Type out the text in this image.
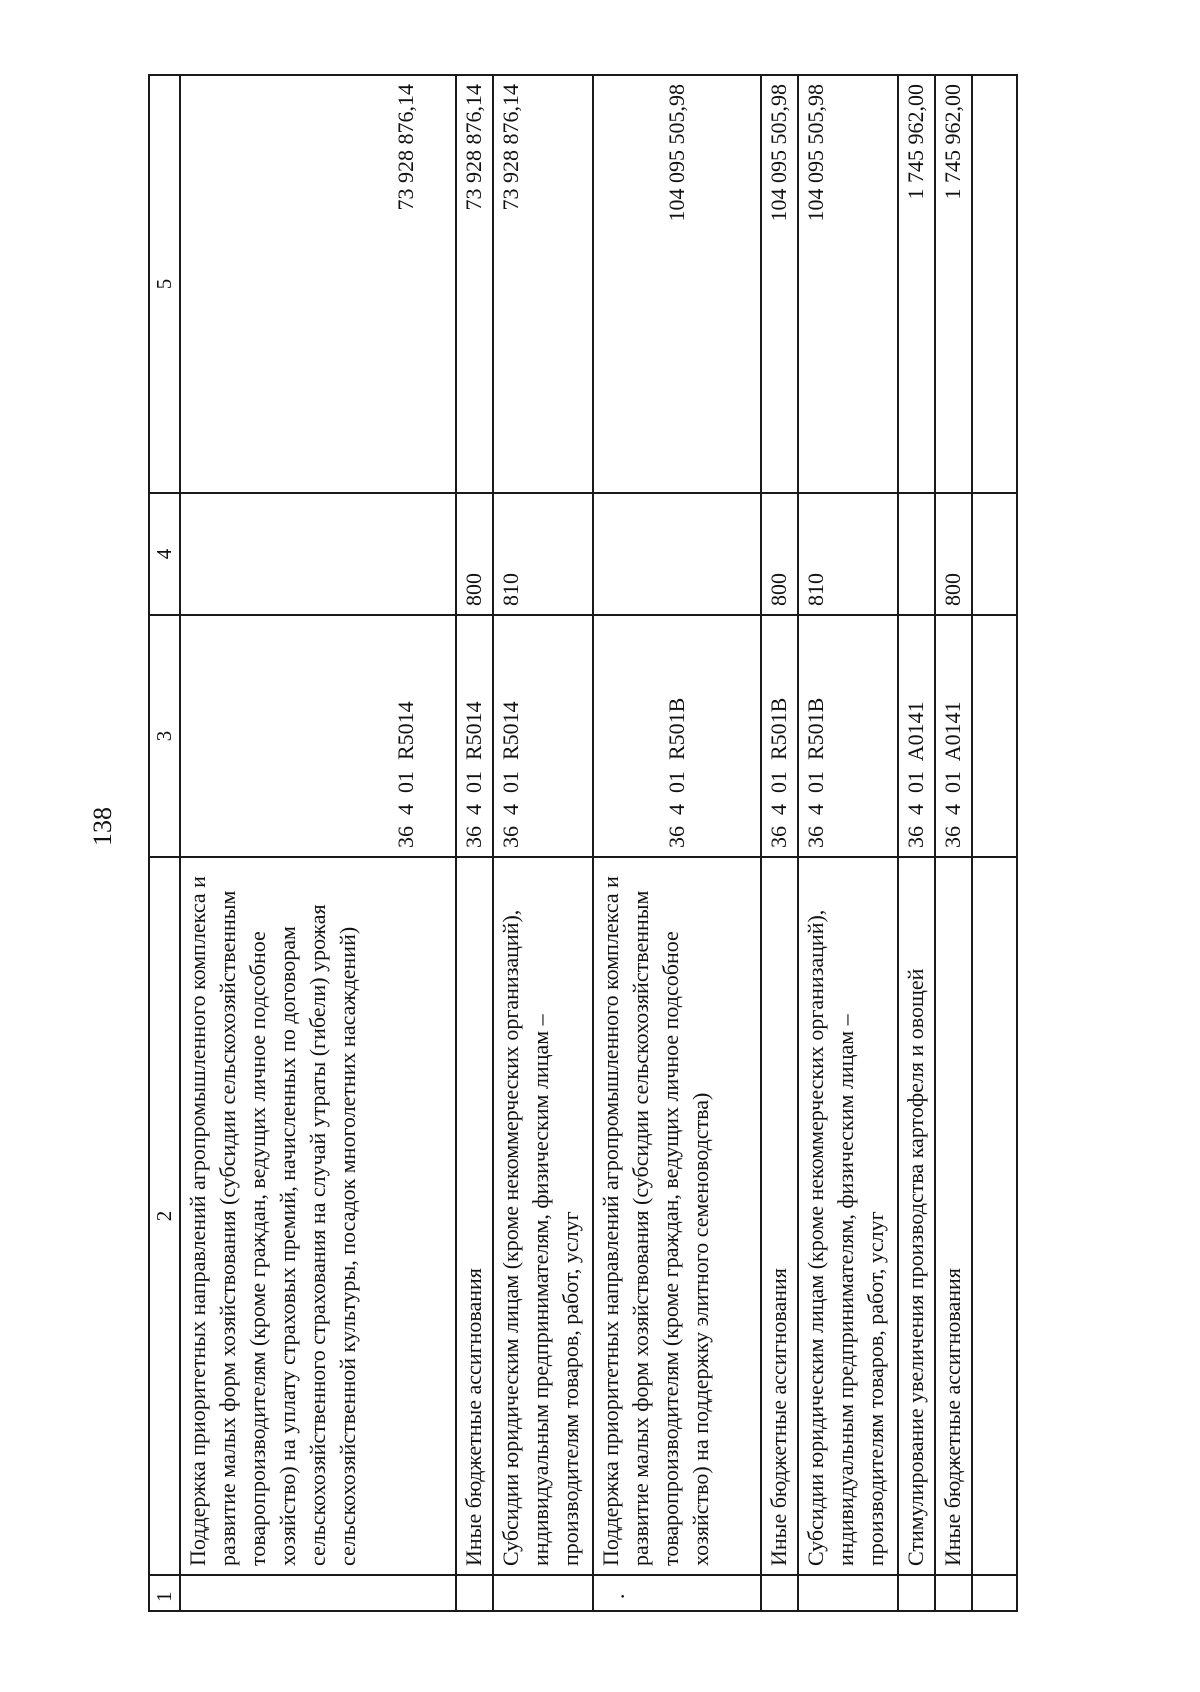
138
1	2	3	4	5
	Поддержка приоритетных направлений агропромышленного комплекса и развитие малых форм хозяйствования (субсидии сельскохозяйственным товаропроизводителям (кроме граждан, ведущих личное подсобное хозяйство) на уплату страховых премий, начисленных по договорам сельскохозяйственного страхования на случай утраты (гибели) урожая сельскохозяйственной культуры, посадок многолетних насаждений)	36  4  01  R5014		73 928 876,14
	Иные бюджетные ассигнования	36  4  01  R5014	800	73 928 876,14
	Субсидии юридическим лицам (кроме некоммерческих организаций), индивидуальным предпринимателям, физическим лицам – производителям товаров, работ, услуг	36  4  01  R5014	810	73 928 876,14

·	Поддержка приоритетных направлений агропромышленного комплекса и развитие малых форм хозяйствования (субсидии сельскохозяйственным товаропроизводителям (кроме граждан, ведущих личное подсобное хозяйство) на поддержку элитного семеноводства)	36  4  01  R501B		104 095 505,98
	Иные бюджетные ассигнования	36  4  01  R501B	800	104 095 505,98
	Субсидии юридическим лицам (кроме некоммерческих организаций), индивидуальным предпринимателям, физическим лицам – производителям товаров, работ, услуг	36  4  01  R501B	810	104 095 505,98
	Стимулирование увеличения производства картофеля и овощей	36  4  01  A0141		1 745 962,00
	Иные бюджетные ассигнования	36  4  01  A0141	800	1 745 962,00
